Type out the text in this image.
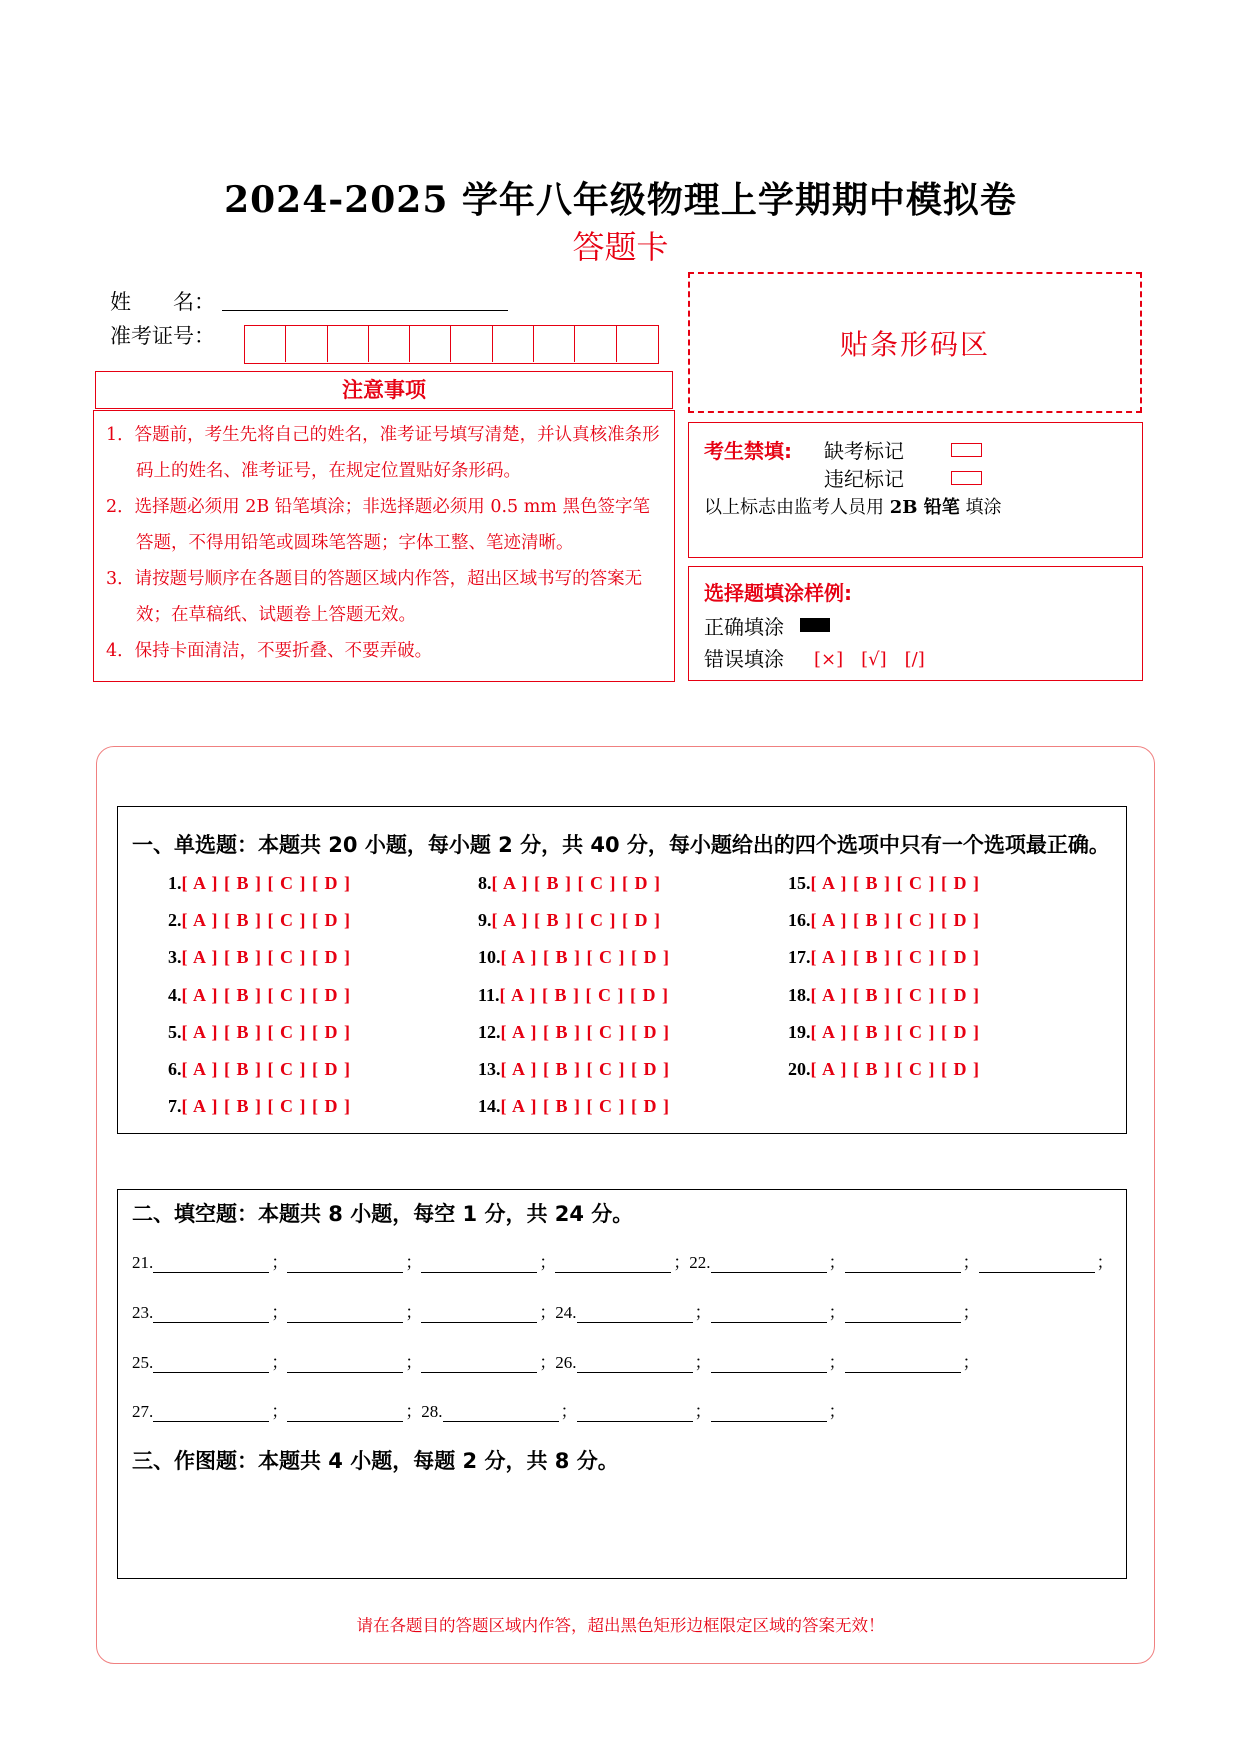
2024-2025 学年八年级物理上学期期中模拟卷
答题卡
姓　　名：
准考证号：	贴条形码区
注意事项
1．答题前，考生先将自己的姓名，准考证号填写清楚，并认真核准条形码上的姓名、准考证号，在规定位置贴好条形码。
2．选择题必须用 2B 铅笔填涂；非选择题必须用 0.5 mm 黑色签字笔答题，不得用铅笔或圆珠笔答题；字体工整、笔迹清晰。
3．请按题号顺序在各题目的答题区域内作答，超出区域书写的答案无效；在草稿纸、试题卷上答题无效。
4．保持卡面清洁，不要折叠、不要弄破。
考生禁填: 缺考标记
违纪标记
以上标志由监考人员用 2B 铅笔 填涂
选择题填涂样例:
正确填涂
错误填涂 [×]　[√]　[/]
一、单选题：本题共 20 小题，每小题 2 分，共 40 分，每小题给出的四个选项中只有一个选项最正确。
1.[ A ] [ B ] [ C ] [ D ]
2.[ A ] [ B ] [ C ] [ D ]
3.[ A ] [ B ] [ C ] [ D ]
4.[ A ] [ B ] [ C ] [ D ]
5.[ A ] [ B ] [ C ] [ D ]
6.[ A ] [ B ] [ C ] [ D ]
7.[ A ] [ B ] [ C ] [ D ]
8.[ A ] [ B ] [ C ] [ D ]
9.[ A ] [ B ] [ C ] [ D ]
10.[ A ] [ B ] [ C ] [ D ]
11.[ A ] [ B ] [ C ] [ D ]
12.[ A ] [ B ] [ C ] [ D ]
13.[ A ] [ B ] [ C ] [ D ]
14.[ A ] [ B ] [ C ] [ D ]
15.[ A ] [ B ] [ C ] [ D ]
16.[ A ] [ B ] [ C ] [ D ]
17.[ A ] [ B ] [ C ] [ D ]
18.[ A ] [ B ] [ C ] [ D ]
19.[ A ] [ B ] [ C ] [ D ]
20.[ A ] [ B ] [ C ] [ D ]
二、填空题：本题共 8 小题，每空 1 分，共 24 分。
21.	；	；	；	；22.	；	；	；
23.	；	；	；24.	；	；	；
25.	；	；	；26.	；	；	；
27.	；	；28.	；	；	；
三、作图题：本题共 4 小题，每题 2 分，共 8 分。
请在各题目的答题区域内作答，超出黑色矩形边框限定区域的答案无效！
